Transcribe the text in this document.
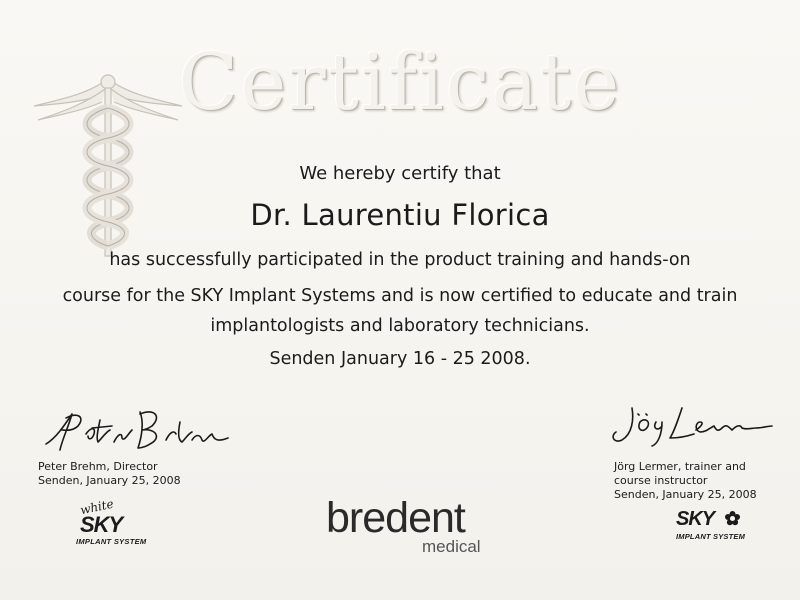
Certificate
We hereby certify that
Dr. Laurentiu Florica
has successfully participated in the product training and hands-on
course for the SKY Implant Systems and is now certified to educate and train
implantologists and laboratory technicians.
Senden January 16 - 25 2008.
Peter Brehm, Director
Senden, January 25, 2008
Jörg Lermer, trainer and
course instructor
Senden, January 25, 2008
white
SKY
IMPLANT SYSTEM	bredent
medical
SKY
IMPLANT SYSTEM
